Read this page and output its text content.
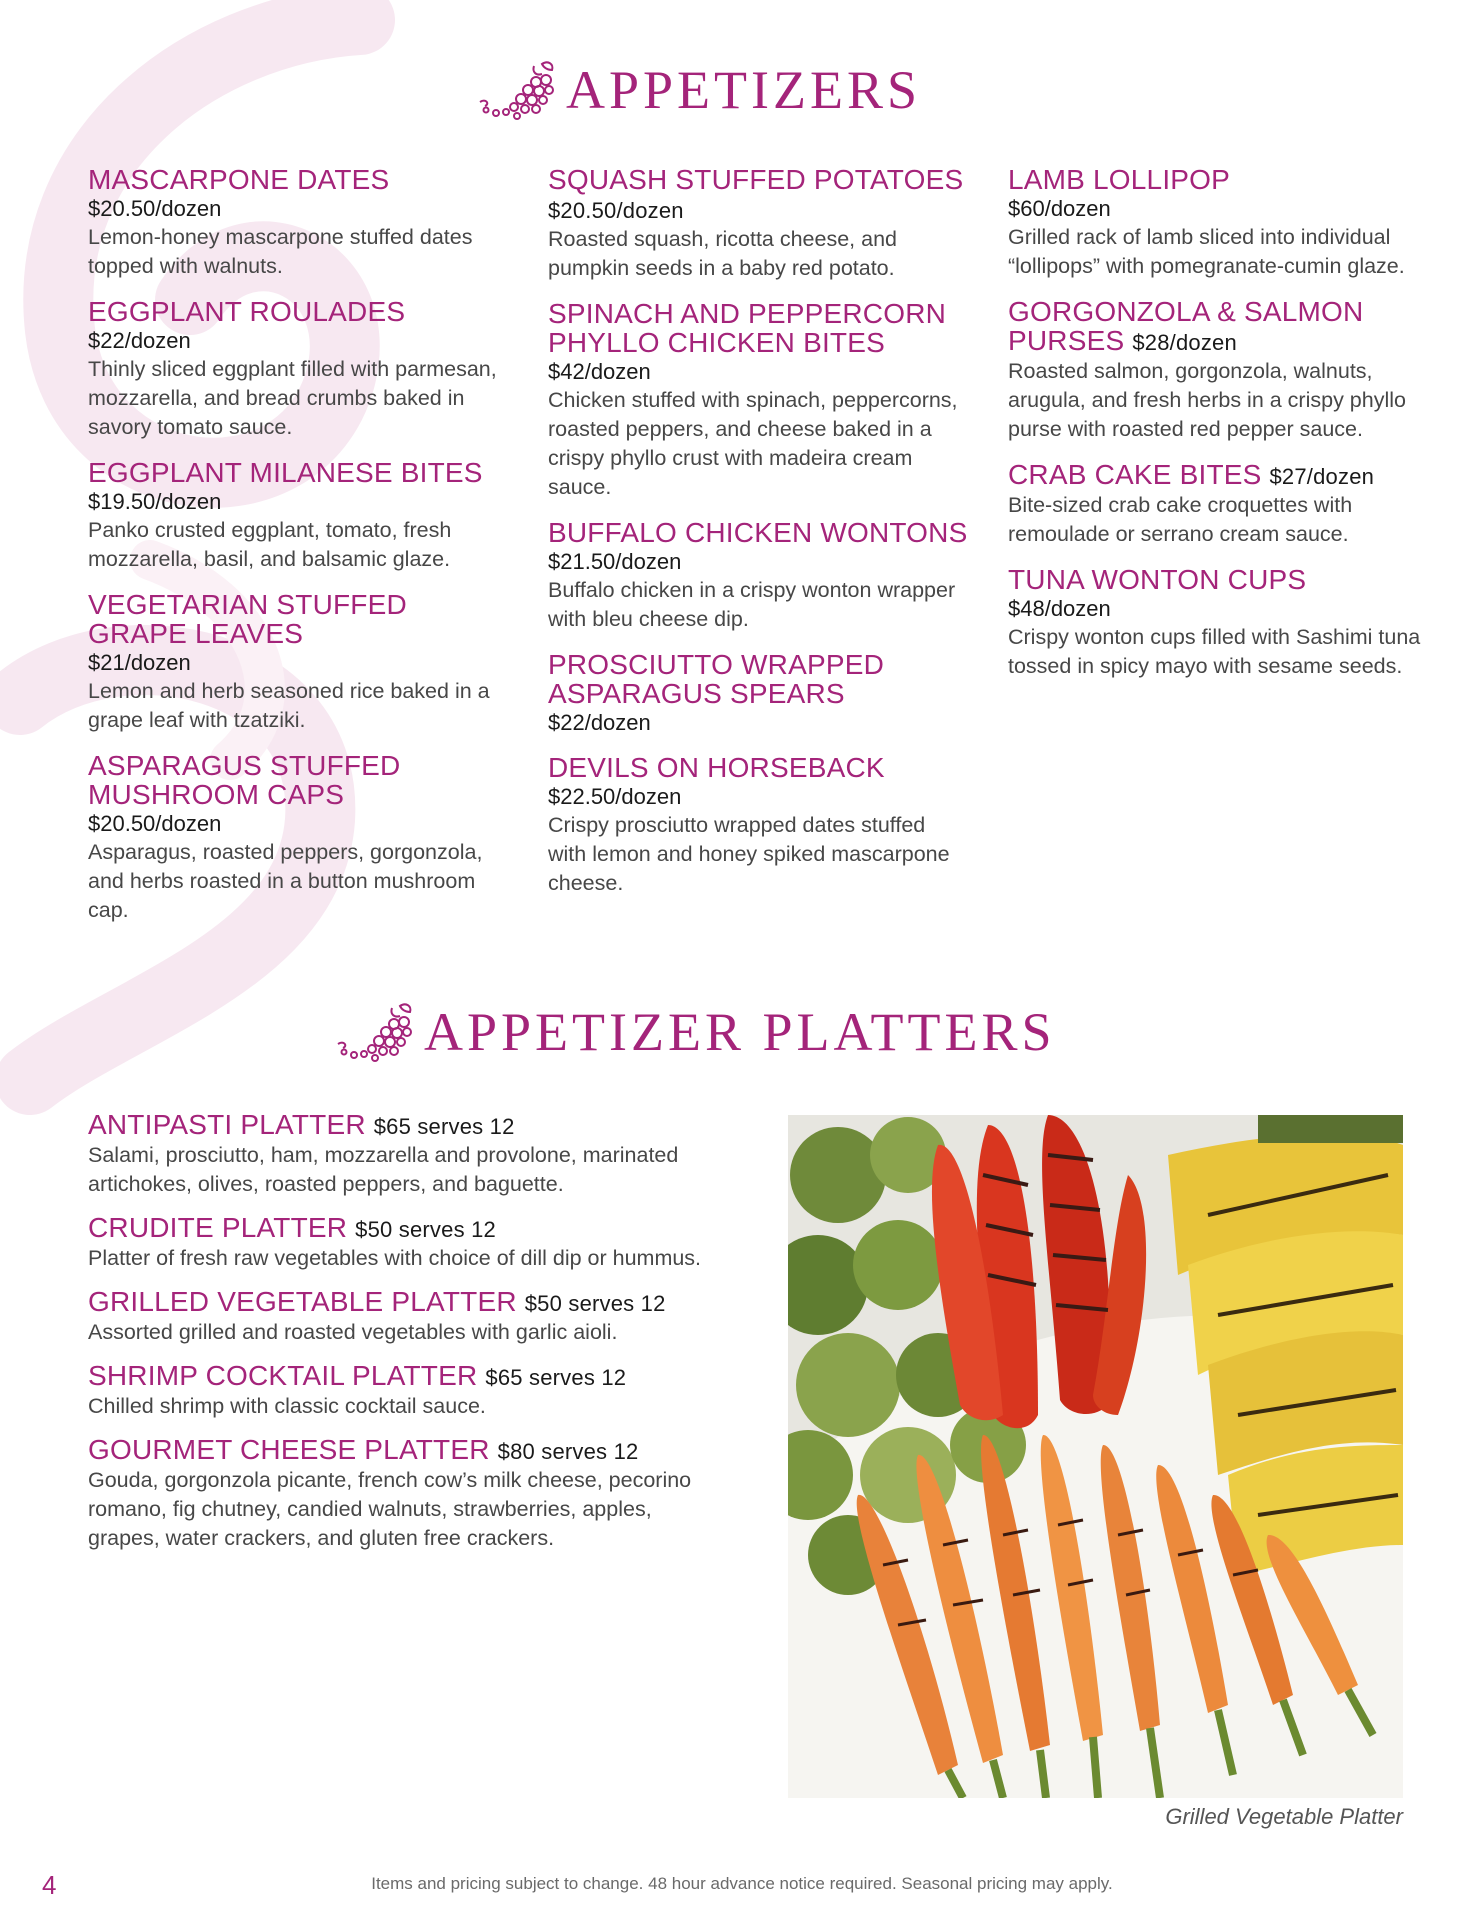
APPETIZERS
MASCARPONE DATES
$20.50/dozen
Lemon-honey mascarpone stuffed dates topped with walnuts.
EGGPLANT ROULADES
$22/dozen
Thinly sliced eggplant filled with parmesan, mozzarella, and bread crumbs baked in savory tomato sauce.
EGGPLANT MILANESE BITES
$19.50/dozen
Panko crusted eggplant, tomato, fresh mozzarella, basil, and balsamic glaze.
VEGETARIAN STUFFED GRAPE LEAVES
$21/dozen
Lemon and herb seasoned rice baked in a grape leaf with tzatziki.
ASPARAGUS STUFFED MUSHROOM CAPS
$20.50/dozen
Asparagus, roasted peppers, gorgonzola, and herbs roasted in a button mushroom cap.
SQUASH STUFFED POTATOES $20.50/dozen
Roasted squash, ricotta cheese, and pumpkin seeds in a baby red potato.
SPINACH AND PEPPERCORN PHYLLO CHICKEN BITES
$42/dozen
Chicken stuffed with spinach, peppercorns, roasted peppers, and cheese baked in a crispy phyllo crust with madeira cream sauce.
BUFFALO CHICKEN WONTONS
$21.50/dozen
Buffalo chicken in a crispy wonton wrapper with bleu cheese dip.
PROSCIUTTO WRAPPED ASPARAGUS SPEARS
$22/dozen
DEVILS ON HORSEBACK
$22.50/dozen
Crispy prosciutto wrapped dates stuffed with lemon and honey spiked mascarpone cheese.
LAMB LOLLIPOP
$60/dozen
Grilled rack of lamb sliced into individual “lollipops” with pomegranate-cumin glaze.
GORGONZOLA & SALMON PURSES $28/dozen
Roasted salmon, gorgonzola, walnuts, arugula, and fresh herbs in a crispy phyllo purse with roasted red pepper sauce.
CRAB CAKE BITES $27/dozen
Bite-sized crab cake croquettes with remoulade or serrano cream sauce.
TUNA WONTON CUPS
$48/dozen
Crispy wonton cups filled with Sashimi tuna tossed in spicy mayo with sesame seeds.
APPETIZER PLATTERS
ANTIPASTI PLATTER $65 serves 12
Salami, prosciutto, ham, mozzarella and provolone, marinated artichokes, olives, roasted peppers, and baguette.
CRUDITE PLATTER $50 serves 12
Platter of fresh raw vegetables with choice of dill dip or hummus.
GRILLED VEGETABLE PLATTER $50 serves 12
Assorted grilled and roasted vegetables with garlic aioli.
SHRIMP COCKTAIL PLATTER $65 serves 12
Chilled shrimp with classic cocktail sauce.
GOURMET CHEESE PLATTER $80 serves 12
Gouda, gorgonzola picante, french cow’s milk cheese, pecorino romano, fig chutney, candied walnuts, strawberries, apples, grapes, water crackers, and gluten free crackers.
Grilled Vegetable Platter
4	Items and pricing subject to change. 48 hour advance notice required. Seasonal pricing may apply.
